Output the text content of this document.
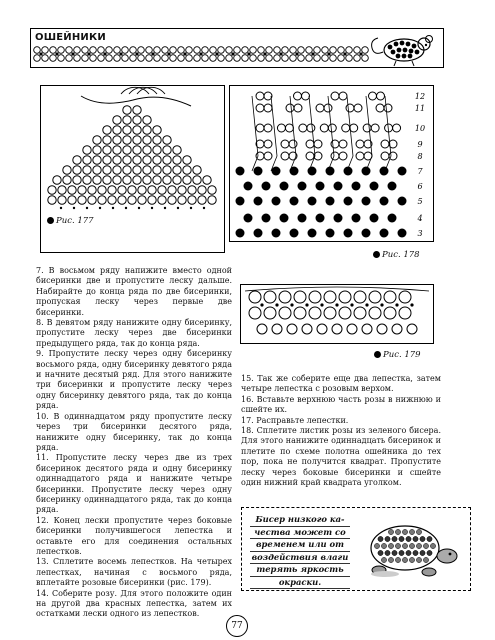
ОШЕЙНИКИ
Рис. 177
12
11
10
9
8
7
6
5
4
3
Рис. 178
Рис. 179

7. В восьмом ряду напижите вместо одной бисеринки две и пропустите леску дальше. Набирайте до конца ряда по две бисеринки, пропуская леску через первые две бисеринки.

8. В девятом ряду нанижите одну бисеринку, пропустите леску через две бисеринки предыдущего ряда, так до конца ряда.

9. Пропустите леску через одну бисеринку восьмого ряда, одну бисеринку девятого ряда и начните десятый ряд. Для этого нанижите три бисеринки и пропустите леску через одну бисеринку девятого ряда, так до конца ряда.

10. В одиннадцатом ряду пропустите леску через три бисеринки десятого ряда, нанижите одну бисеринку, так до конца ряда.

11. Пропустите леску через две из трех бисеринок десятого ряда и одну бисеринку одиннадцатого ряда и нанижите четыре бисеринки. Пропустите леску через одну бисеринку одиннадцатого ряда, так до конца ряда.

12. Конец лески пропустите через боковые бисеринки получившегося лепестка и оставьте его для соединения остальных лепестков.

13. Сплетите восемь лепестков. На четырех лепестках, начиная с восьмого ряда, вплетайте розовые бисеринки (рис. 179).

14. Соберите розу. Для этого положите один на другой два красных лепестка, затем их остатками лески одного из лепестков.

15. Так же соберите еще два лепестка, затем четыре лепестка с розовым верхом.

16. Вставьте верхнюю часть розы в нижнюю и сшейте их.

17. Расправьте лепестки.

18. Сплетите листик розы из зеленого бисера. Для этого нанижите одиннадцать бисеринок и плетите по схеме полотна ошейника до тех пор, пока не получится квадрат. Пропустите леску через боковые бисеринки и сшейте один нижний край квадрата уголком.

Бисер низкого ка-
чества может со
временем или от
воздействия влаги
терять яркость
окраски.
77
